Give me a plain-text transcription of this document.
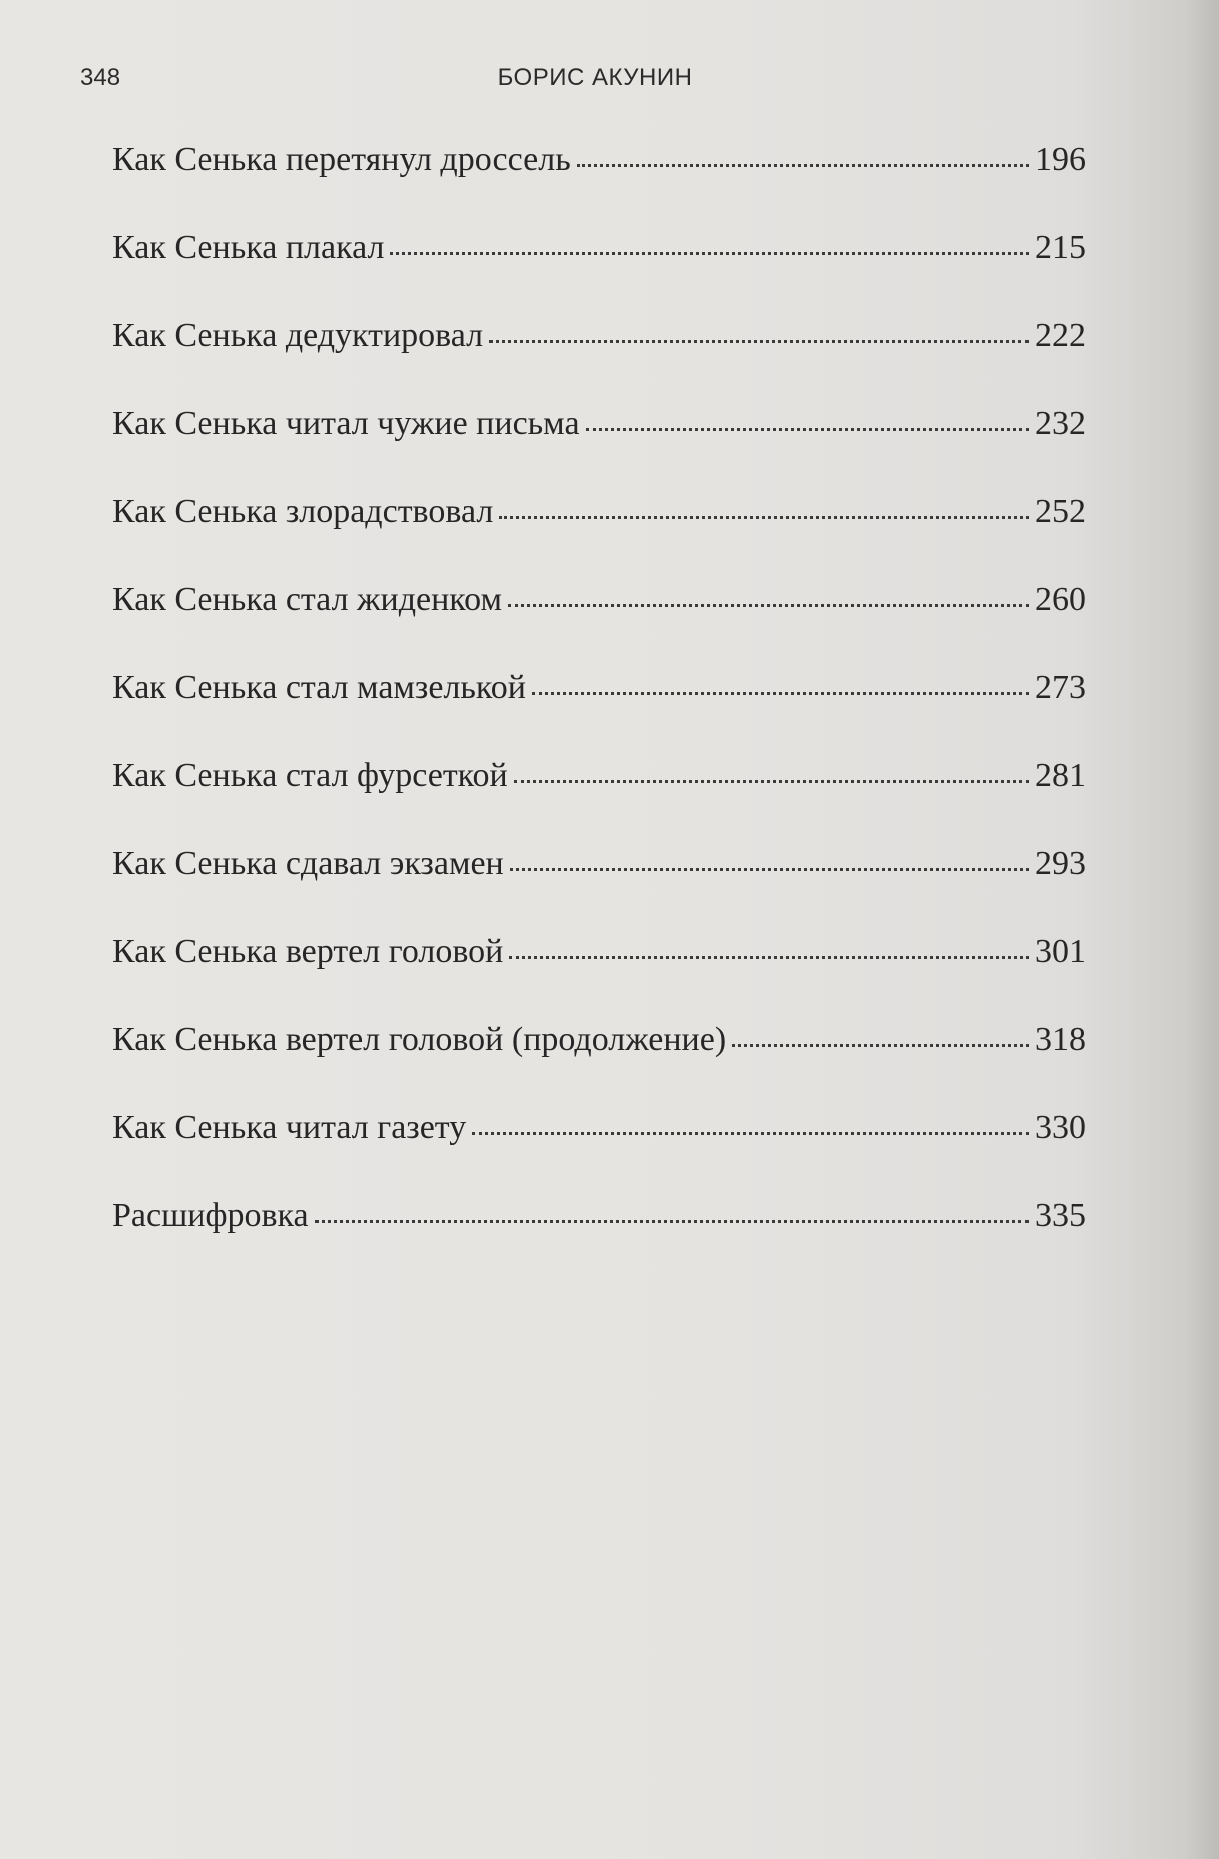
348	БОРИС АКУНИН
Как Сенька перетянул дроссель	196
Как Сенька плакал	215
Как Сенька дедуктировал	222
Как Сенька читал чужие письма	232
Как Сенька злорадствовал	252
Как Сенька стал жиденком	260
Как Сенька стал мамзелькой	273
Как Сенька стал фурсеткой	281
Как Сенька сдавал экзамен	293
Как Сенька вертел головой	301
Как Сенька вертел головой (продолжение)	318
Как Сенька читал газету	330
Расшифровка	335
